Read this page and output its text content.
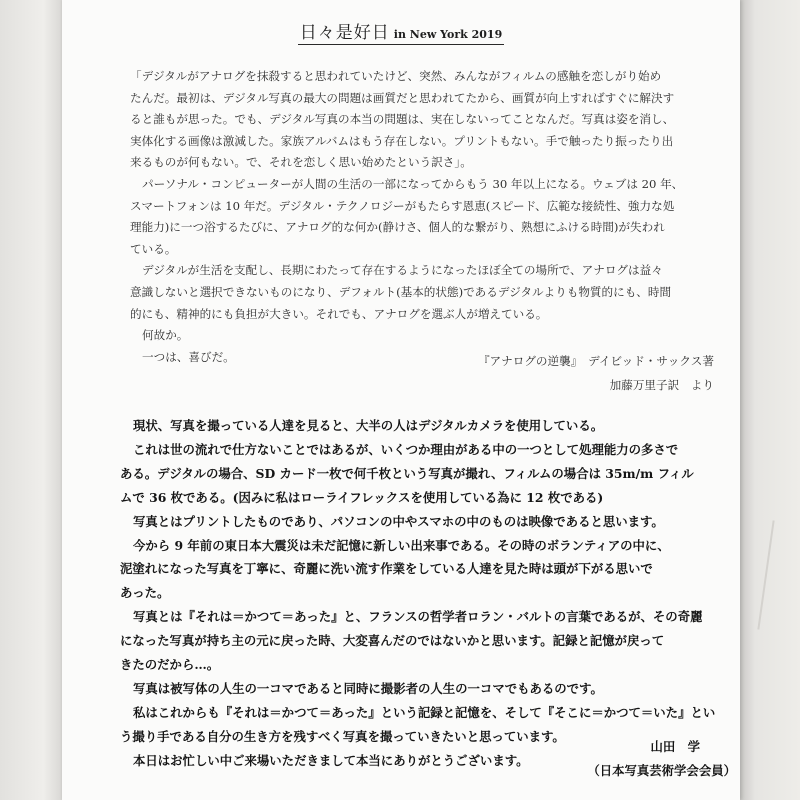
日々是好日 in New York 2019

「デジタルがアナログを抹殺すると思われていたけど、突然、みんながフィルムの感触を恋しがり始め

たんだ。最初は、デジタル写真の最大の問題は画質だと思われてたから、画質が向上すればすぐに解決す

ると誰もが思った。でも、デジタル写真の本当の問題は、実在しないってことなんだ。写真は姿を消し、

実体化する画像は激減した。家族アルバムはもう存在しない。プリントもない。手で触ったり振ったり出

来るものが何もない。で、それを恋しく思い始めたという訳さ」。

パーソナル・コンピューターが人間の生活の一部になってからもう 30 年以上になる。ウェブは 20 年、

スマートフォンは 10 年だ。デジタル・テクノロジーがもたらす恩恵(スピード、広範な接続性、強力な処

理能力)に一つ浴するたびに、アナログ的な何か(静けさ、個人的な繋がり、熟想にふける時間)が失われ

ている。

デジタルが生活を支配し、長期にわたって存在するようになったほぼ全ての場所で、アナログは益々

意識しないと選択できないものになり、デフォルト(基本的状態)であるデジタルよりも物質的にも、時間

的にも、精神的にも負担が大きい。それでも、アナログを選ぶ人が増えている。

何故か。

一つは、喜びだ。	『アナログの逆襲』　デイビッド・サックス著
加藤万里子訳　より

現状、写真を撮っている人達を見ると、大半の人はデジタルカメラを使用している。

これは世の流れで仕方ないことではあるが、いくつか理由がある中の一つとして処理能力の多さで

ある。デジタルの場合、SD カード一枚で何千枚という写真が撮れ、フィルムの場合は 35m/m フィル

ムで 36 枚である。(因みに私はローライフレックスを使用している為に 12 枚である)

写真とはプリントしたものであり、パソコンの中やスマホの中のものは映像であると思います。

今から 9 年前の東日本大震災は未だ記憶に新しい出来事である。その時のボランティアの中に、

泥塗れになった写真を丁寧に、奇麗に洗い流す作業をしている人達を見た時は頭が下がる思いで

あった。

写真とは『それは＝かつて＝あった』と、フランスの哲学者ロラン・バルトの言葉であるが、その奇麗

になった写真が持ち主の元に戻った時、大変喜んだのではないかと思います。記録と記憶が戻って

きたのだから…。

写真は被写体の人生の一コマであると同時に撮影者の人生の一コマでもあるのです。

私はこれからも『それは＝かつて＝あった』という記録と記憶を、そして『そこに＝かつて＝いた』とい

う撮り手である自分の生き方を残すべく写真を撮っていきたいと思っています。

本日はお忙しい中ご来場いただきまして本当にありがとうございます。

山田　学
（日本写真芸術学会会員）
